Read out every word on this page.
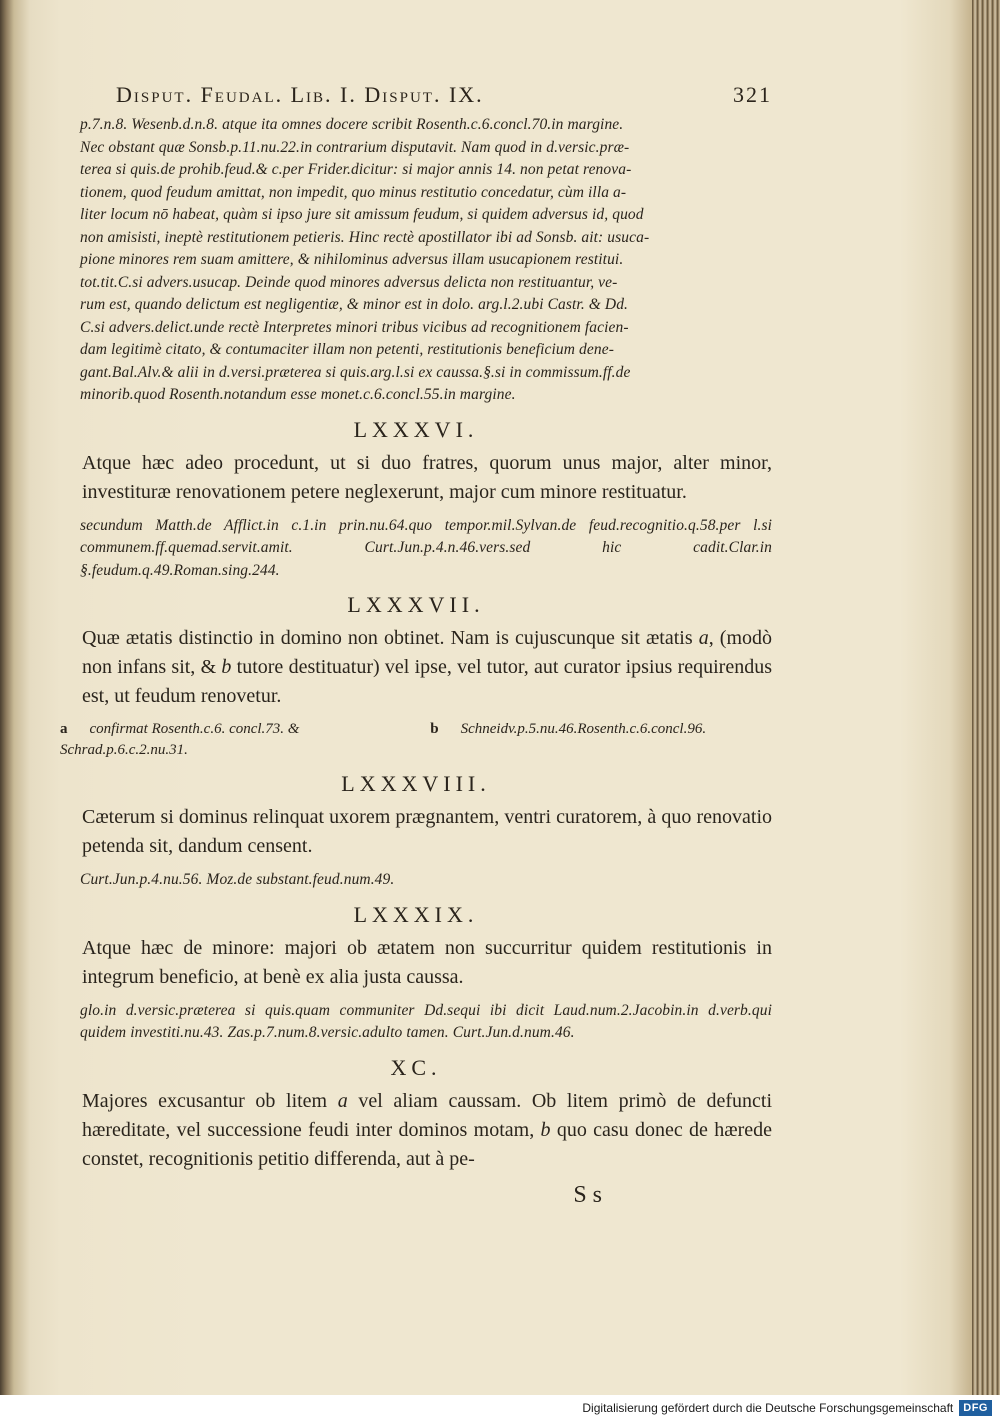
Disput. Feudal. Lib. I. Disput. IX.	321

p.7.n.8. Wesenb.d.n.8. atque ita omnes docere scribit Rosenth.c.6.concl.70.in margine.

Nec obstant quæ Sonsb.p.11.nu.22.in contrarium disputavit. Nam quod in d.versic.præ-

terea si quis.de prohib.feud.& c.per Frider.dicitur: si major annis 14. non petat renova-

tionem, quod feudum amittat, non impedit, quo minus restitutio concedatur, cùm illa a-

liter locum nō habeat, quàm si ipso jure sit amissum feudum, si quidem adversus id, quod

non amisisti, ineptè restitutionem petieris. Hinc rectè apostillator ibi ad Sonsb. ait: usuca-

pione minores rem suam amittere, & nihilominus adversus illam usucapionem restitui.

tot.tit.C.si advers.usucap. Deinde quod minores adversus delicta non restituantur, ve-

rum est, quando delictum est negligentiæ, & minor est in dolo. arg.l.2.ubi Castr. & Dd.

C.si advers.delict.unde rectè Interpretes minori tribus vicibus ad recognitionem facien-

dam legitimè citato, & contumaciter illam non petenti, restitutionis beneficium dene-

gant.Bal.Alv.& alii in d.versi.præterea si quis.arg.l.si ex caussa.§.si in commissum.ff.de

minorib.quod Rosenth.notandum esse monet.c.6.concl.55.in margine.

LXXXVI.

Atque hæc adeo procedunt, ut si duo fratres, quorum unus major, alter minor, investituræ renovationem petere neglexerunt, major cum minore restituatur.

secundum Matth.de Afflict.in c.1.in prin.nu.64.quo tempor.mil.Sylvan.de feud.recognitio.q.58.per l.si communem.ff.quemad.servit.amit. Curt.Jun.p.4.n.46.vers.sed hic cadit.Clar.in §.feudum.q.49.Roman.sing.244.
LXXXVII.

Quæ ætatis distinctio in domino non obtinet. Nam is cujuscunque sit ætatis a, (modò non infans sit, & b tutore destituatur) vel ipse, vel tutor, aut curator ipsius requirendus est, ut feudum renovetur.

a confirmat Rosenth.c.6. concl.73. & Schrad.p.6.c.2.nu.31.
b Schneidv.p.5.nu.46.Rosenth.c.6.concl.96.
LXXXVIII.

Cæterum si dominus relinquat uxorem prægnantem, ventri curatorem, à quo renovatio petenda sit, dandum censent.

Curt.Jun.p.4.nu.56. Moz.de substant.feud.num.49.
LXXXIX.

Atque hæc de minore: majori ob ætatem non succurritur quidem restitutionis in integrum beneficio, at benè ex alia justa caussa.

glo.in d.versic.præterea si quis.quam communiter Dd.sequi ibi dicit Laud.num.2.Jacobin.in d.verb.qui quidem investiti.nu.43. Zas.p.7.num.8.versic.adulto tamen. Curt.Jun.d.num.46.
XC.

Majores excusantur ob litem a vel aliam caussam. Ob litem primò de defuncti hæreditate, vel successione feudi inter dominos motam, b quo casu donec de hærede constet, recognitionis petitio differenda, aut à pe-

S s
Digitalisierung gefördert durch die Deutsche Forschungsgemeinschaft DFG
